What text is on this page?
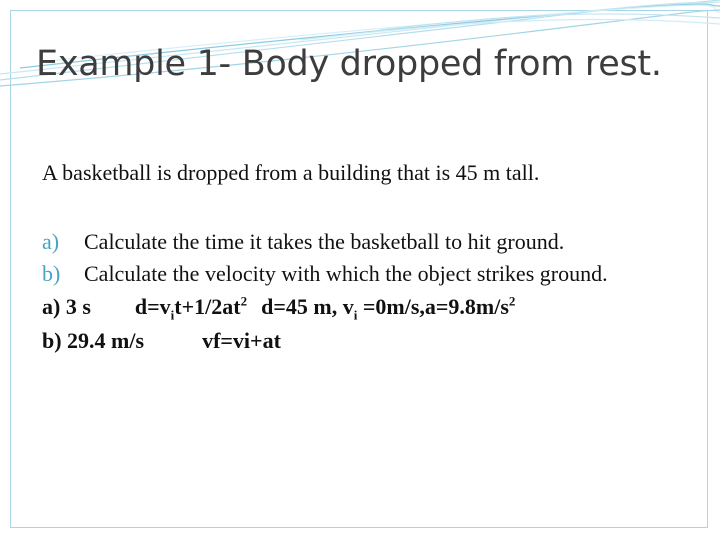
Example 1- Body dropped from rest.

A basketball is dropped from a building that is 45 m tall.

a) Calculate the time it takes the basketball to hit ground.
b) Calculate the velocity with which the object strikes ground.
a) 3 s $d=v_it+1/2at^2$ d=45 m, $v_i =0m/s,a=9.8m/s^2$
b) 29.4 m/s	vf=vi+at
